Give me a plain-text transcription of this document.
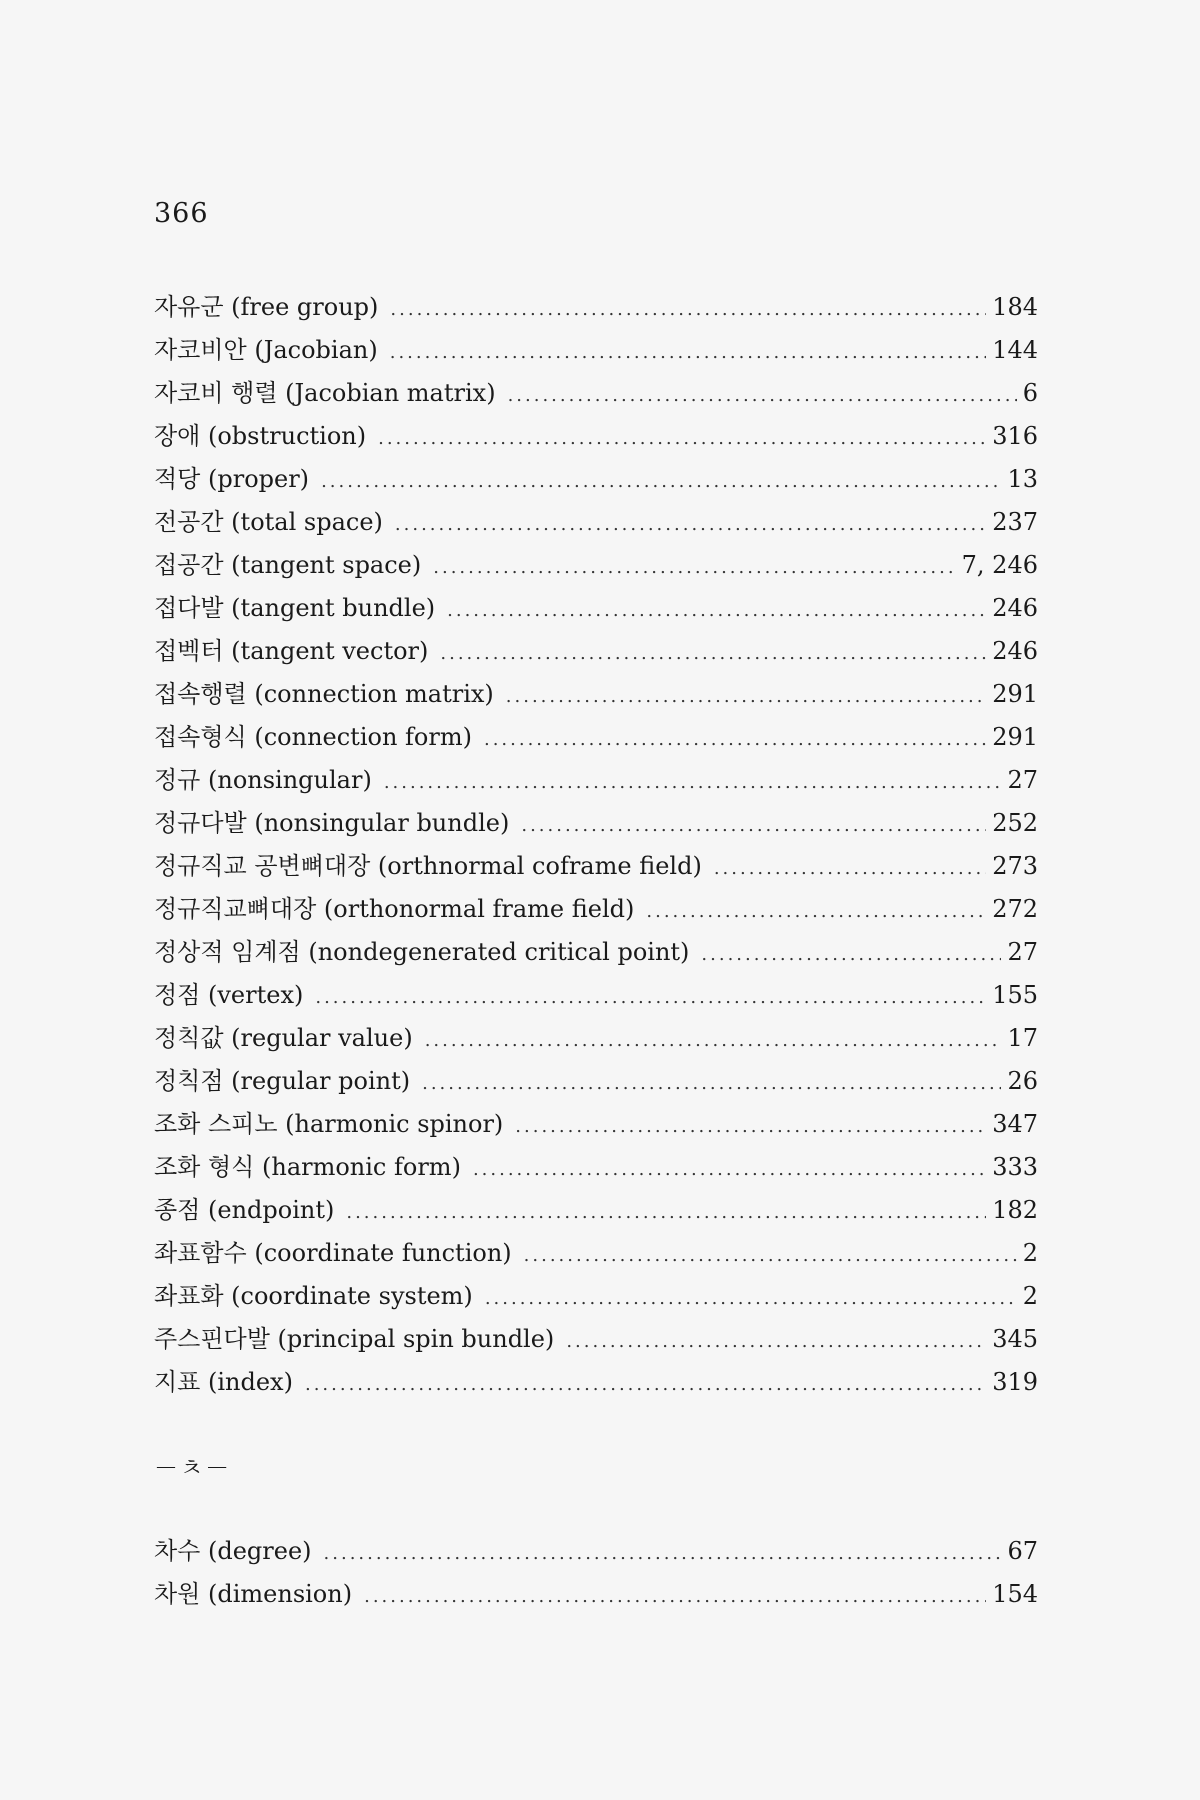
366
자유군 (free group) .....	184
자코비안 (Jacobian) .....	144
자코비 행렬 (Jacobian matrix) .....	6
장애 (obstruction) .....	316
적당 (proper) .....	13
전공간 (total space) .....	237
접공간 (tangent space) .....	7, 246
접다발 (tangent bundle) .....	246
접벡터 (tangent vector) .....	246
접속행렬 (connection matrix) .....	291
접속형식 (connection form) .....	291
정규 (nonsingular) .....	27
정규다발 (nonsingular bundle) .....	252
정규직교 공변뼈대장 (orthnormal coframe field) .....	273
정규직교뼈대장 (orthonormal frame field) .....	272
정상적 임계점 (nondegenerated critical point) .....	27
정점 (vertex) .....	155
정칙값 (regular value) .....	17
정칙점 (regular point) .....	26
조화 스피노 (harmonic spinor) .....	347
조화 형식 (harmonic form) .....	333
종점 (endpoint) .....	182
좌표함수 (coordinate function) .....	2
좌표화 (coordinate system) .....	2
주스핀다발 (principal spin bundle) .....	345
지표 (index) .....	319
－ㅊ－
차수 (degree) .....	67
차원 (dimension) .....	154
